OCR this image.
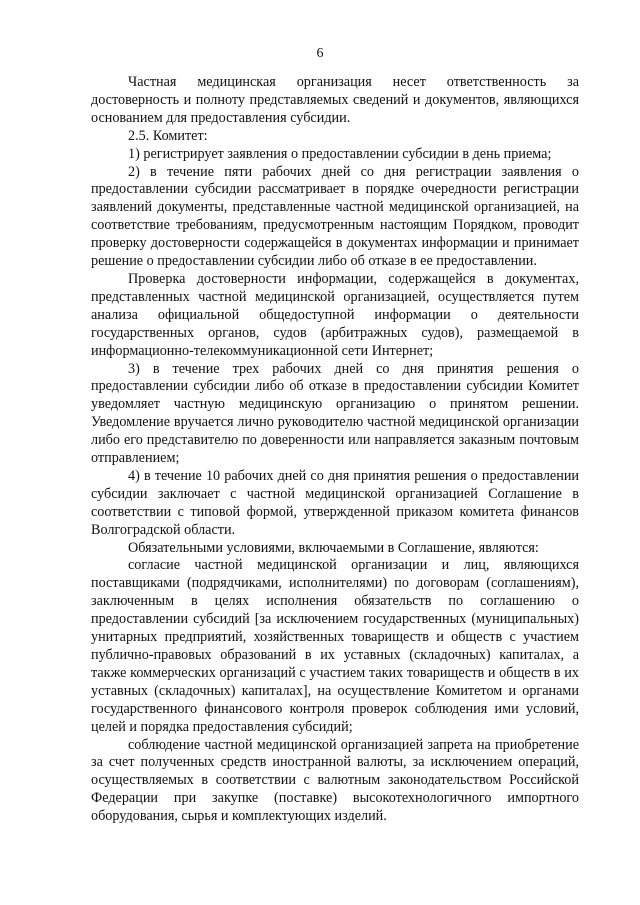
6

Частная медицинская организация несет ответственность за достоверность и полноту представляемых сведений и документов, являющихся основанием для предоставления субсидии.

2.5. Комитет:

1) регистрирует заявления о предоставлении субсидии в день приема;

2) в течение пяти рабочих дней со дня регистрации заявления о предоставлении субсидии рассматривает в порядке очередности регистрации заявлений документы, представленные частной медицинской организацией, на соответствие требованиям, предусмотренным настоящим Порядком, проводит проверку достоверности содержащейся в документах информации и принимает решение о предоставлении субсидии либо об отказе в ее предоставлении.

Проверка достоверности информации, содержащейся в документах, представленных частной медицинской организацией, осуществляется путем анализа официальной общедоступной информации о деятельности государственных органов, судов (арбитражных судов), размещаемой в информационно-телекоммуникационной сети Интернет;

3) в течение трех рабочих дней со дня принятия решения о предоставлении субсидии либо об отказе в предоставлении субсидии Комитет уведомляет частную медицинскую организацию о принятом решении. Уведомление вручается лично руководителю частной медицинской организации либо его представителю по доверенности или направляется заказным почтовым отправлением;

4) в течение 10 рабочих дней со дня принятия решения о предоставлении субсидии заключает с частной медицинской организацией Соглашение в соответствии с типовой формой, утвержденной приказом комитета финансов Волгоградской области.

Обязательными условиями, включаемыми в Соглашение, являются:

согласие частной медицинской организации и лиц, являющихся поставщиками (подрядчиками, исполнителями) по договорам (соглашениям), заключенным в целях исполнения обязательств по соглашению о предоставлении субсидий [за исключением государственных (муниципальных) унитарных предприятий, хозяйственных товариществ и обществ с участием публично-правовых образований в их уставных (складочных) капиталах, а также коммерческих организаций с участием таких товариществ и обществ в их уставных (складочных) капиталах], на осуществление Комитетом и органами государственного финансового контроля проверок соблюдения ими условий, целей и порядка предоставления субсидий;

соблюдение частной медицинской организацией запрета на приобретение за счет полученных средств иностранной валюты, за исключением операций, осуществляемых в соответствии с валютным законодательством Российской Федерации при закупке (поставке) высокотехнологичного импортного оборудования, сырья и комплектующих изделий.
